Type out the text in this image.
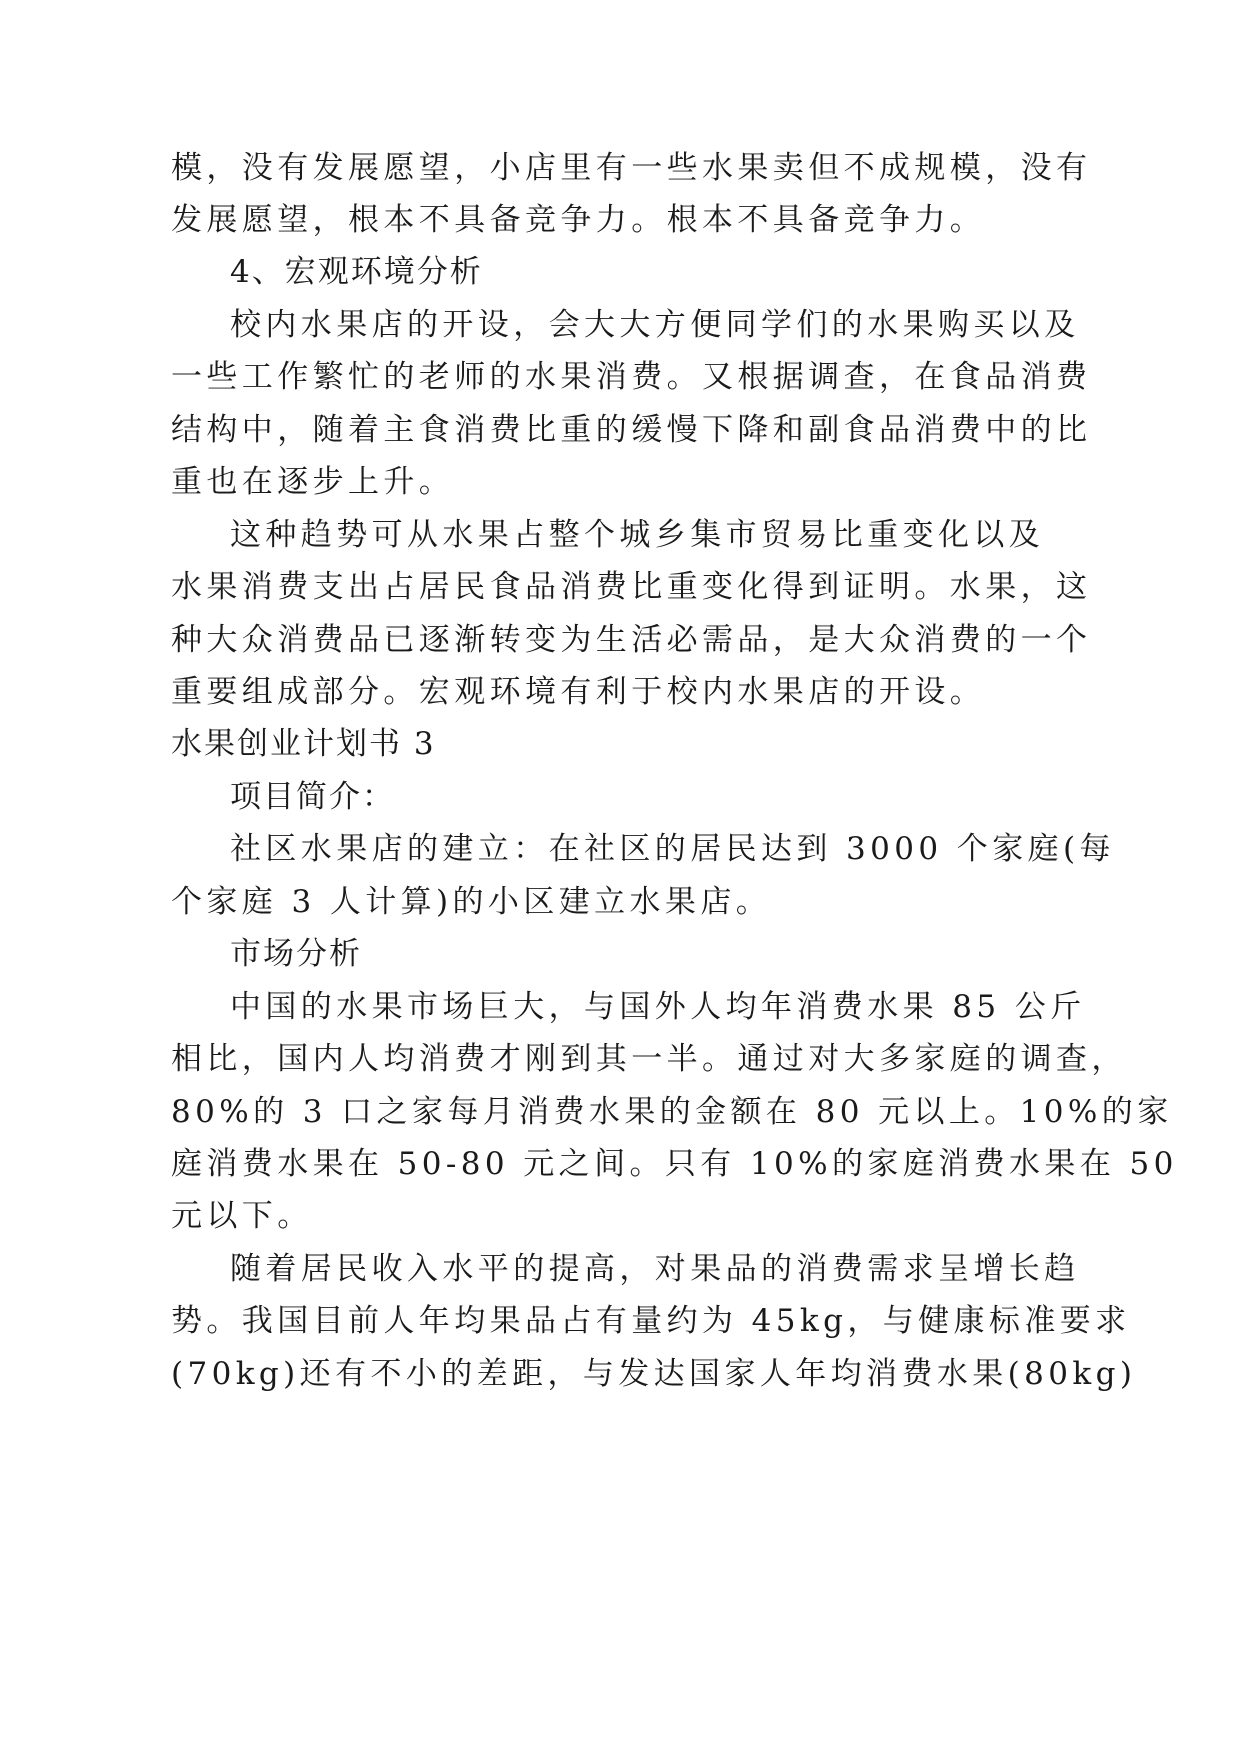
模，没有发展愿望，小店里有一些水果卖但不成规模，没有
发展愿望，根本不具备竞争力。根本不具备竞争力。
4、宏观环境分析
校内水果店的开设，会大大方便同学们的水果购买以及
一些工作繁忙的老师的水果消费。又根据调查，在食品消费
结构中，随着主食消费比重的缓慢下降和副食品消费中的比
重也在逐步上升。
这种趋势可从水果占整个城乡集市贸易比重变化以及
水果消费支出占居民食品消费比重变化得到证明。水果，这
种大众消费品已逐渐转变为生活必需品，是大众消费的一个
重要组成部分。宏观环境有利于校内水果店的开设。
水果创业计划书 3
项目简介：
社区水果店的建立：在社区的居民达到 3000 个家庭(每
个家庭 3 人计算)的小区建立水果店。
市场分析
中国的水果市场巨大，与国外人均年消费水果 85 公斤
相比，国内人均消费才刚到其一半。通过对大多家庭的调查，
80%的 3 口之家每月消费水果的金额在 80 元以上。10%的家
庭消费水果在 50-80 元之间。只有 10%的家庭消费水果在 50
元以下。
随着居民收入水平的提高，对果品的消费需求呈增长趋
势。我国目前人年均果品占有量约为 45kg，与健康标准要求
(70kg)还有不小的差距，与发达国家人年均消费水果(80kg)
